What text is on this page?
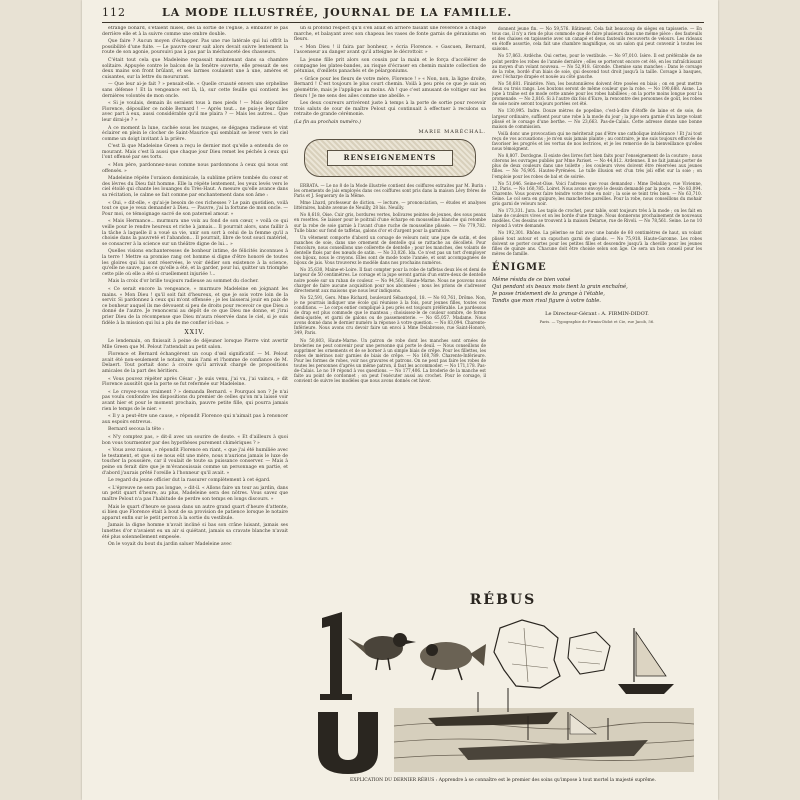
112	LA MODE ILLUSTRÉE, JOURNAL DE LA FAMILLE.

étrange bonard, s'étaient mises, dès la sortie de l'église, à embaîter le pas derrière elle et à la suivre comme une ombre double.

Que faire ? Aucun moyen d'échapper. Pas une rue latérale qui lui offrît la possibilité d'une fuite. — Le pauvre cœur sait alors devait suivre lentement la route de son agonie, poursuivi pas à pas par la méchanceté des chasseurs.

C'était tout cela que Madeleine repassait maintenant dans sa chambre solitaire. Appuyée contre le balcon de la fenêtre ouverte, elle pressait de ses deux mains son front brûlant, et ses larmes coulaient une à une, amères et cuisantes, sur la lettre du moururant.

— Que leur ai-je fait ? » pensait-elle. « Quelle cruauté envers une orpheline sans défense ! Et la vengeance est là, là, sur cette feuille qui contient les dernières volontés de mon oncle.

« Si je voulais, demain ils seraient tous à mes pieds ! — Mais dépouiller Florence, dépouiller ce noble Bernard ! — Après tout... ne puis-je leur faire avec part à eux, aussi considérable qu'il me plaira ? — Mais les autres... Que leur dirai-je ? »

A ce moment la lune, cachée sous les nuages, se dégagea radieuse et vint éclairer en plein le clocher de Saint-Maurice qui semblait se lever vers le ciel comme un doigt invitant à la prière.

C'est là que Madeleine Green a reçu le dernier mot qu'elle a entendu de ce mourant. Mais c'est là aussi que chaque jour Dieu remet les péchés à ceux qui l'ont offensé par ses torts.

« Mon père, pardonnez-nous comme nous pardonnons à ceux qui nous ont offensés. »

Madeleine répète l'oraison dominicale, la sublime prière tombée du cœur et des lèvres du Dieu fait homme. Elle la répète lentement, les yeux levés vers le ciel étoilé qui chante les louanges du Très-Haut. A mesure qu'elle avance dans sa récitation, le calme se fait comme par enchantement dans son âme :

« Oui, » dit-elle, « qu'ai-je besoin de ces richesses ? Le pain quotidien, voilà tout ce que je veux demander à Dieu. — Pauvre, j'ai la fortune de mon oncle. — Pour moi, ce témoignage sacré de son paternel amour. »

« Mais Hermance... murmura une voix au fond de son cœur, » voilà ce qui veille pour le rendre heureux et riche à jamais... Il pourrait alors, sans faillir à la tâche à laquelle il a voué sa vie, unir son sort à celui de la femme qu'il a choisie dans la pauvreté et l'abandon... Il pourrait, libre de tout souci matériel, se consacrer à la science sur un théâtre digne de lui... »

Quelles visions enchanteresses de bonheur intime, de félicités inconnues à la terre ! Mettre sa promise rang cet homme si digne d'être honoré de toutes les gloires qui lui sont réservées, le voir dédier son existence à la science, qu'elle ne sauve, pas ce qu'elle a été, et la garder, pour lui, quitter un triomphe cette pile où elle a été si cruellement injuriée !...

Mais la croix d'or brille toujours radieuse au sommet du clocher.

« Ce serait encore la vengeance, » murmure Madeleine en joignant les mains. « Mon Dieu ! qu'il soit fait d'heureux, et que je sois votre loin de la servir. Si pardonnez à ceux qui m'ont offensée ; je les laisserai jouir en paix de ce bonheur auquel ils me dévouent si peu de droits pour recevoir ce que Dieu a donné de l'autre. Je renoncerai au dépôt de ce que Dieu me donne, et j'irai prier Dieu de la récompense que Dieu m'aura réservée dans le ciel, si je suis fidèle à la mission qui lui a plu de me confier ici-bas. »

XXIV.

Le lendemain, on finissait à peine de déjeuner lorsque Pierre vint avertir Mlle Green que M. Pelout l'attendait au petit salon.

Florence et Bernard échangèrent un coup d'œil significatif. — M. Pelout avait été non-seulement le notaire, mais l'ami et l'homme de confiance de M. Delaert. Tout portait donc à croire qu'il arrivait chargé de propositions amicales de la part des héritiers.

« Vous pouvez répéter après César : Je suis venu, j'ai vu, j'ai vaincu, » dit Florence aussitôt que la porte se fut refermée sur Madeleine.

« Le croyez-vous vraiment ? » demanda Bernard. « Pourquoi non ? Je n'ai pas voulu confondre les dispositions du premier de celles qu'on m'a laissé voir avant hier et pour le moment prochain, pauvre petite fille, qui pourra jamais rien le temps de le nier. »

« Il y a peut-être une cause, » répondit Florence qui n'aimait pas à renoncer aux espoirs entrevus.

Bernard secoua la tête :

« N'y comptez pas, » dit-il avec un sourire de doute. « Et d'ailleurs à quoi bon vous tourmenter par des hypothèses purement chimériques ? »

« Vous avez raison, » répondit Florence en riant, « que j'ai été humiliée avec le testament, et que si ne nous eût une mère, nous n'aurions jamais le luxe de toucher la poussière, car il voulait de toute sa puissance conserver. — Mais à peine on ferait dire que je m'évanouissais comme un personnage en partie, et d'abord j'aurais prêté l'oreille à l'honneur qu'il avait. »

Le regard du jeune officier dut la rassurer complètement à cet égard.

« L'épreuve ne sera pas longue, » dit-il. « Allons faire un tour au jardin, dans un petit quart d'heure, au plus, Madeleine sera des nôtres. Vous savez que maître Pelout n'a pas l'habitude de perdre son temps en longs discours. »

Mais le quart d'heure se passa dans un autre grand quart d'heure d'attente, si bien que Florence était à bout de sa provision de patience lorsque le notaire apparut enfin sur le petit perron à la sortie du vestibule.

Jamais la digne homme n'avait incliné si bas son crâne luisant, jamais ses lunettes d'or n'avaient eu un air si quiétant, jamais sa cravate blanche n'avait été plus solennellement empesée.

On le voyait du bout du jardin saluer Madeleine avec

un si profond respect qu'il s'en allait en arrière faisant une révérence à chaque marche, et balayant avec son chapeau les vases de fonte garnis de géraniums en fleurs.

« Mon Dieu ! il faira par bonheur, » écria Florence. « Gascuen, Bernard, l'ascenseur au danger avant qu'il atteigne le décrottoir. »

La jeune fille prit alors son cousin par la main et le força d'accélérer de compagne les plates-bandes, au risque d'écraser en chemin mainte collection de pétunias, d'œillets panachés et de pélargoniums.

« Grâce pour les fleurs de votre mère, Florence ! » « Non, non, la ligne droite, Bernard ! C'est toujours le plus court chemin. Voilà à peu près ce que je sais en géométrie, mais je l'applique au moins. Ah ! que c'est amusant de voltiger sur les fleurs ! Je me sens des ailes comme une abeille. »

Les deux coureurs arrivèrent juste à temps à la porte de sortie pour recevoir trois saluts de cour de maître Pelout qui continuait à effectuer à reculons sa retraite de grande cérémonie.

(La fin au prochain numéro.)
MARIE MARÉCHAL.
RENSEIGNEMENTS

ERRATA. — Le no 8 de la Mode illustrée contient des coiffures extraites par M. Burin : les ornements de jais employés dans ces coiffures sont pris dans la maison Lévy frères de Paris et J. Seguerary de la Même.

Mme Lhard, professeur de diction. — lecture, — prononciation, — études et analyses littéraires, habite avenue de Neuilly, 28 bis. Neuilly.

No 8,618, Oise. Cuir gris, bordures vertes, bolivares peintes de jeunes, des sous peaux en rosettes. Se laisser pour le poitrail d'une écharpe en mousseline blanche qui retombe sur la robe de soie garnie à l'avant d'une ruche de mousseline plissée. — No 779,782. Tulle blanc sur fond de taffetas, galons d'or et d'argent pour la garniture.

Un vêtement comporte d'abord un corsage de velours noir, une jupe de satin, et des manches de soie, dans une ornement de dentelle qui se rattache au décolleté. Pour l'encolure, nous conseillons une collerette de dentelle ; pour les manches, des volants de dentelle fixés par des nœuds de satin. — No 33,026. Ida. Ce n'est pas un tort d'employer ces bijoux, nous le croyons. Elles sont de mode toute l'année, et sont accompagnées de bijoux de jais. Vous trouverez le modèle dans nos prochains numéros.

No 35,630, Maine-et-Loire. Il faut compter pour la robe de taffetas deux lés et demi de largeur de 50 centimètres. Le corsage et la jupe seront garnis d'un entre-deux de dentelle noire posée sur un ruban de couleur. — No 94,561, Haute-Marne. Nous ne pouvons nous charger de faire aucune acquisition pour nos abonnées ; nous les prions de s'adresser directement aux maisons que nous leur indiquons.

No 52,591, Gers. Mme Richard, boulevard Sébastopol, 18. — No 93,761, Drôme. Non, je ne pourrais indiquer une école qui réunisse à la fois, pour jeunes filles, toutes ces conditions. — Le corps entier compliqué à peu près est toujours préférable. Le pardessus de drap est plus commode que le manteau ; choisissez-le de couleur sombre, de forme demi-ajustée, et garni de galons ou de passementerie. — No 65,057. Madame. Nous avons donné dans le dernier numéro la réponse à votre question. — No 83,094. Charente-Inférieure. Nous avons cru devoir faire un envoi à Mme Delabrosse, rue Saint-Honoré, 349, Paris.

No 50,803, Haute-Marne. Un patron de robe dont les manches sont ornées de broderies ne peut convenir pour une personne qui porte le deuil. — Nous conseillons de supprimer les ornements et de se borner à un simple biais de crêpe. Pour les fillettes, les robes de mérinos noir garnies de biais de crêpe. — No 160,789. Charente-Inférieure. Pour les formes de robes, voir nos gravures et patrons. On ne peut pas faire les robes de toutes les personnes d'après un même patron, il faut les accommoder. — No 171,178. Pas-de-Calais. Le no 19 répond à vos questions. — No 177,406. La broderie de la manche est faite au point de cordonnet ; on peut l'exécuter aussi au crochet. Pour le corsage, il convient de suivre les modèles que nous avons donnés cet hiver.

donnent jeune fin. — No 59,576. Bâtiment. Cela fait beaucoup de sièges en tapisserie. — En tous cas, il n'y a rien de plus commode que de faire plusieurs dans une même pièce : des fauteuils et des chaises en tapisserie avec un canapé et deux fauteuils recouverts de velours. Les rideaux en étoffe assortie, cela fait une chambre magnifique, ou un salon qui peut convenir à toutes les saisons.

No 57,863. Ardèche. Oui certes, pour le vestibule. — No 97,010. Isère. Il est préférable de ne point perdre les robes de l'année dernière ; elles se porteront encore cet été, en les rafraîchissant au moyen d'un volant nouveau. — No 52,918. Gironde. Chemise sans manches : Dans le corsage de la robe, bordé d'un biais de soie, qui descend tout droit jusqu'à la taille. Corsage à basques, avec l'écharpe drapée et nouée au côté gauche.

No 50,681. Finistère. Non, les boutonnières doivent être posées en biais ; on en peut mettre deux ou trois rangs. Les boutons seront de même couleur que la robe. — No 190,688. Aisne. La jupe à traîne est de mode cette année pour les robes habillées ; on la porte moins longue pour la promenade. — No 2,816. Si à l'autre dix fois d'Eure, la rencontre des personnes de goût, les robes de soie noire seront toujours portées cet été.

No 130,995. Indre. Douze mètres de popeline, c'est-à-dire d'étoffe de laine et de soie, de largeur ordinaire, suffisent pour une robe à la mode du jour ; la jupe sera garnie d'un large volant plissé et le corsage d'une berthe. — No 23,663. Pas-de-Calais. Cette adresse donne une bonne maison de commission.

Voilà donc une provocation qui ne mériterait pas d'être une catholique intolérance ! Et j'ai tout reçu de vos accusations ; je m'en suis jamais plainte ; au contraire, je me suis toujours efforcée de favoriser les progrès et les vertus de nos lectrices, et je les remercie de la bienveillance qu'elles nous témoignent.

No 8,807. Dordogne. Il existe des livres fort bien faits pour l'enseignement de la couture ; nous citerons les ouvrages publiés par Mme Pariset. — No 44,812. Ardennes. Il ne fait jamais porter de plus de deux couleurs dans une toilette ; les couleurs vives doivent être réservées aux jeunes filles. — No 76,905. Hautes-Pyrénées. Le tulle illusion est d'un très joli effet sur la soie ; on l'emploie pour les robes de bal et de soirée.

No 51,046. Seine-et-Oise. Voici l'adresse que vous demandez : Mme Delahaye, rue Vivienne, 12, Paris. — No 160,785. Loiret. Nous avons envoyé le dessin demandé par la poste. — No 83,094. Charente. Vous pouvez faire teindre votre robe en noir ; la soie se teint très bien. — No 63,710. Seine. Le col sera en guipure, les manchettes pareilles. Pour la robe, nous conseillons du mohair gris garni de velours noir.

No 173,331. Jura. Les tapis de crochet, pour table, sont toujours très à la mode ; on les fait en laine de couleurs vives et on les borde d'une frange. Nous donnerons prochainement de nouveaux modèles. Ces dessins se trouvent à la maison Delarue, rue de Rivoli. — No 78,561. Seine. Le no 10 répond à votre demande.

No 192,301. Rhône. La pèlerine se fait avec une bande de 60 centimètres de haut, un volant plissé tout autour et un capuchon garni de glands. — No 75,918. Haute-Garonne. Les robes doivent se porter courtes pour les petites filles et descendre jusqu'à la cheville pour les jeunes filles de quinze ans. Chacune doit être choisie selon son âge. Ce sera un bon conseil pour les mères de famille.

ÉNIGME

Même résidu de ce bien voisé

Qui pendant six beaux mois tient la grain enchaîné,

Je passe tristement de la grange à l'étable,

Tandis que mon rival figure à votre table.

Le Directeur-Gérant : A. FIRMIN-DIDOT.
Paris. — Typographie de Firmin-Didot et Cie, rue Jacob, 56.
RÉBUS
EXPLICATION DU DERNIER RÉBUS : Apprendre à se connaître est le premier des soins qu'impose à tout mortel la majesté suprême.
